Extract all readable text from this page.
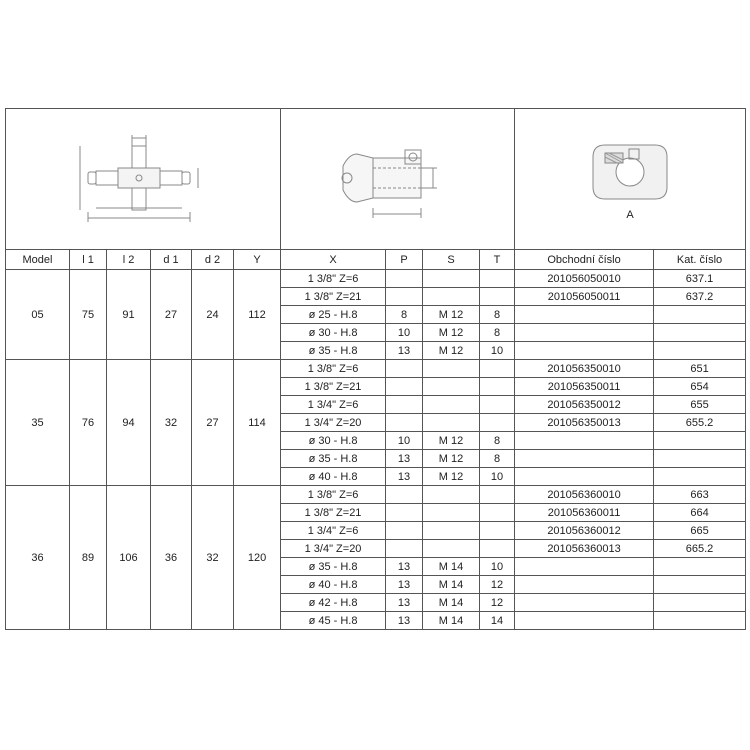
A	

Model	l 1	l 2	d 1	d 2	Y	X	P	S	T	Obchodní číslo	Kat. číslo
05	75	91	27	24	112	1 3/8" Z=6				201056050010	637.1
						1 3/8" Z=21				201056050011	637.2
						ø 25 - H.8	8	M 12	8		
						ø 30 - H.8	10	M 12	8		
						ø 35 - H.8	13	M 12	10		
35	76	94	32	27	114	1 3/8" Z=6				201056350010	651
						1 3/8" Z=21				201056350011	654
						1 3/4" Z=6				201056350012	655
						1 3/4" Z=20				201056350013	655.2
						ø 30 - H.8	10	M 12	8		
						ø 35 - H.8	13	M 12	8		
						ø 40 - H.8	13	M 12	10		
36	89	106	36	32	120	1 3/8" Z=6				201056360010	663
						1 3/8" Z=21				201056360011	664
						1 3/4" Z=6				201056360012	665
						1 3/4" Z=20				201056360013	665.2
						ø 35 - H.8	13	M 14	10		
						ø 40 - H.8	13	M 14	12		
						ø 42 - H.8	13	M 14	12		
						ø 45 - H.8	13	M 14	14		
